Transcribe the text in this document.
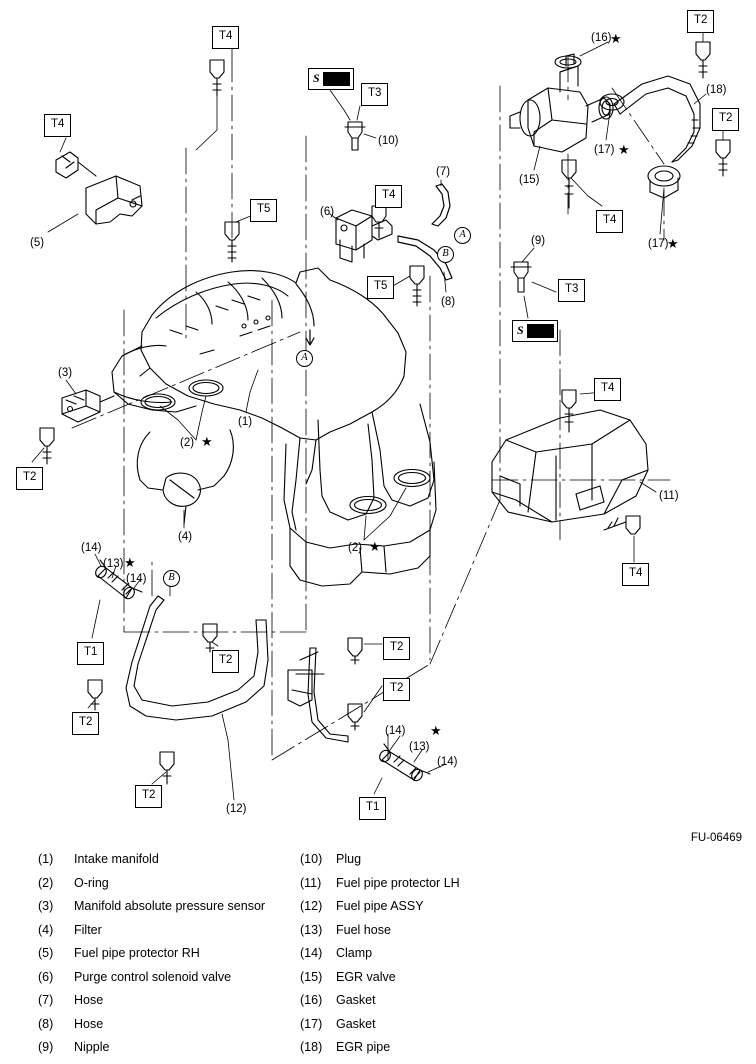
T4
T4
T3
T2
T2
T5
T4
T4
T5	T3
T2
T4
T4
T1
T2
T2
T2
T2
T2
T1
(5)
(10)
(16)
(18)
(17)
(15)
(17)
(7)
(6)
(9)
(8)
(3)
(2)
(1)
(4)
(2)
(11)
(14)
(13)
(14)
(12)
(14)
(13)
(14)
A
B
A
B
★
★
★
★
★
★
★
S
S
FU-06469
(1)	Intake manifold
(2)	O-ring
(3)	Manifold absolute pressure sensor
(4)	Filter
(5)	Fuel pipe protector RH
(6)	Purge control solenoid valve
(7)	Hose
(8)	Hose
(9)	Nipple
(10)	Plug
(11)	Fuel pipe protector LH
(12)	Fuel pipe ASSY
(13)	Fuel hose
(14)	Clamp
(15)	EGR valve
(16)	Gasket
(17)	Gasket
(18)	EGR pipe
